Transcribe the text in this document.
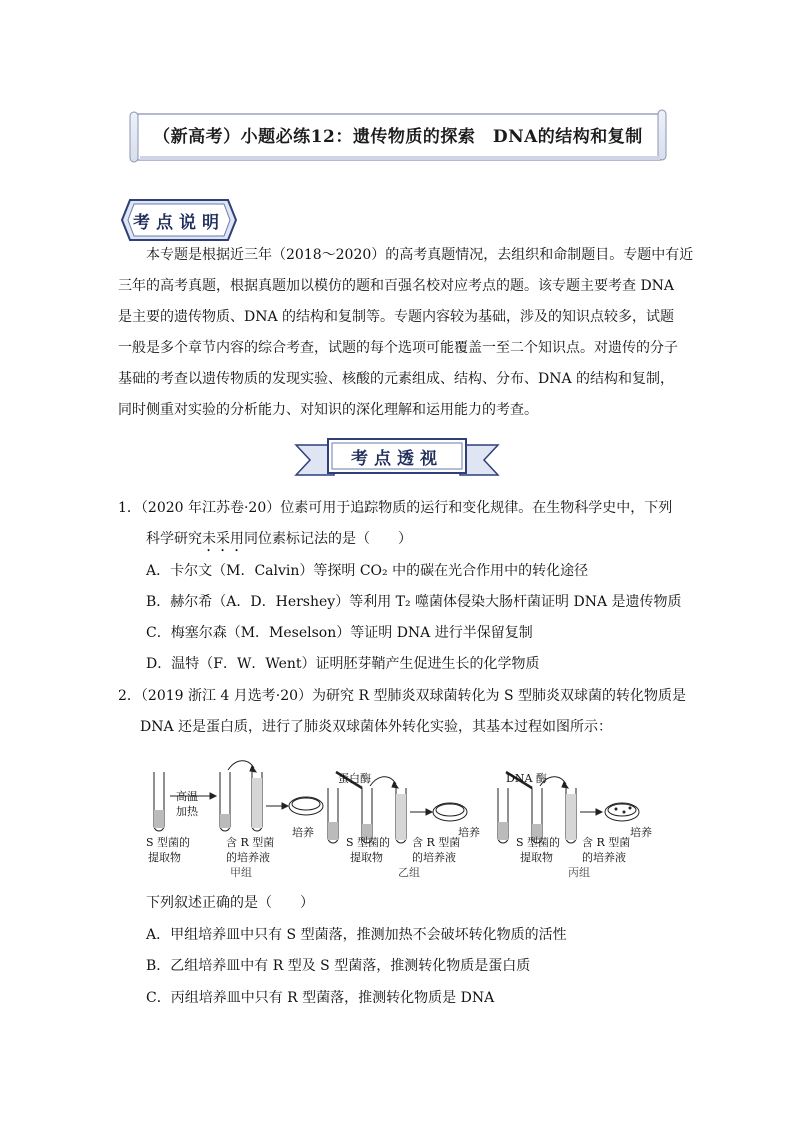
（新高考）小题必练12：遗传物质的探索　DNA的结构和复制
考点说明
本专题是根据近三年（2018～2020）的高考真题情况，去组织和命制题目。专题中有近
三年的高考真题，根据真题加以模仿的题和百强名校对应考点的题。该专题主要考查 DNA
是主要的遗传物质、DNA 的结构和复制等。专题内容较为基础，涉及的知识点较多，试题
一般是多个章节内容的综合考查，试题的每个选项可能覆盖一至二个知识点。对遗传的分子
基础的考查以遗传物质的发现实验、核酸的元素组成、结构、分布、DNA 的结构和复制，
同时侧重对实验的分析能力、对知识的深化理解和运用能力的考查。
考点透视
1．（2020 年江苏卷·20）位素可用于追踪物质的运行和变化规律。在生物科学史中，下列
科学研究未采用同位素标记法的是（　　）
A．卡尔文（M．Calvin）等探明 CO₂ 中的碳在光合作用中的转化途径
B．赫尔希（A．D．Hershey）等利用 T₂ 噬菌体侵染大肠杆菌证明 DNA 是遗传物质
C．梅塞尔森（M．Meselson）等证明 DNA 进行半保留复制
D．温特（F．W．Went）证明胚芽鞘产生促进生长的化学物质
2．（2019 浙江 4 月选考·20）为研究 R 型肺炎双球菌转化为 S 型肺炎双球菌的转化物质是
DNA 还是蛋白质，进行了肺炎双球菌体外转化实验，其基本过程如图所示：
高温
加热
蛋白酶	DNA 酶
S 型菌的
提取物
含 R 型菌
的培养液
培养
甲组
S 型菌的
提取物
含 R 型菌
的培养液
培养
乙组
S 型菌的
提取物
含 R 型菌
的培养液
培养
丙组
下列叙述正确的是（　　）
A．甲组培养皿中只有 S 型菌落，推测加热不会破坏转化物质的活性
B．乙组培养皿中有 R 型及 S 型菌落，推测转化物质是蛋白质
C．丙组培养皿中只有 R 型菌落，推测转化物质是 DNA
